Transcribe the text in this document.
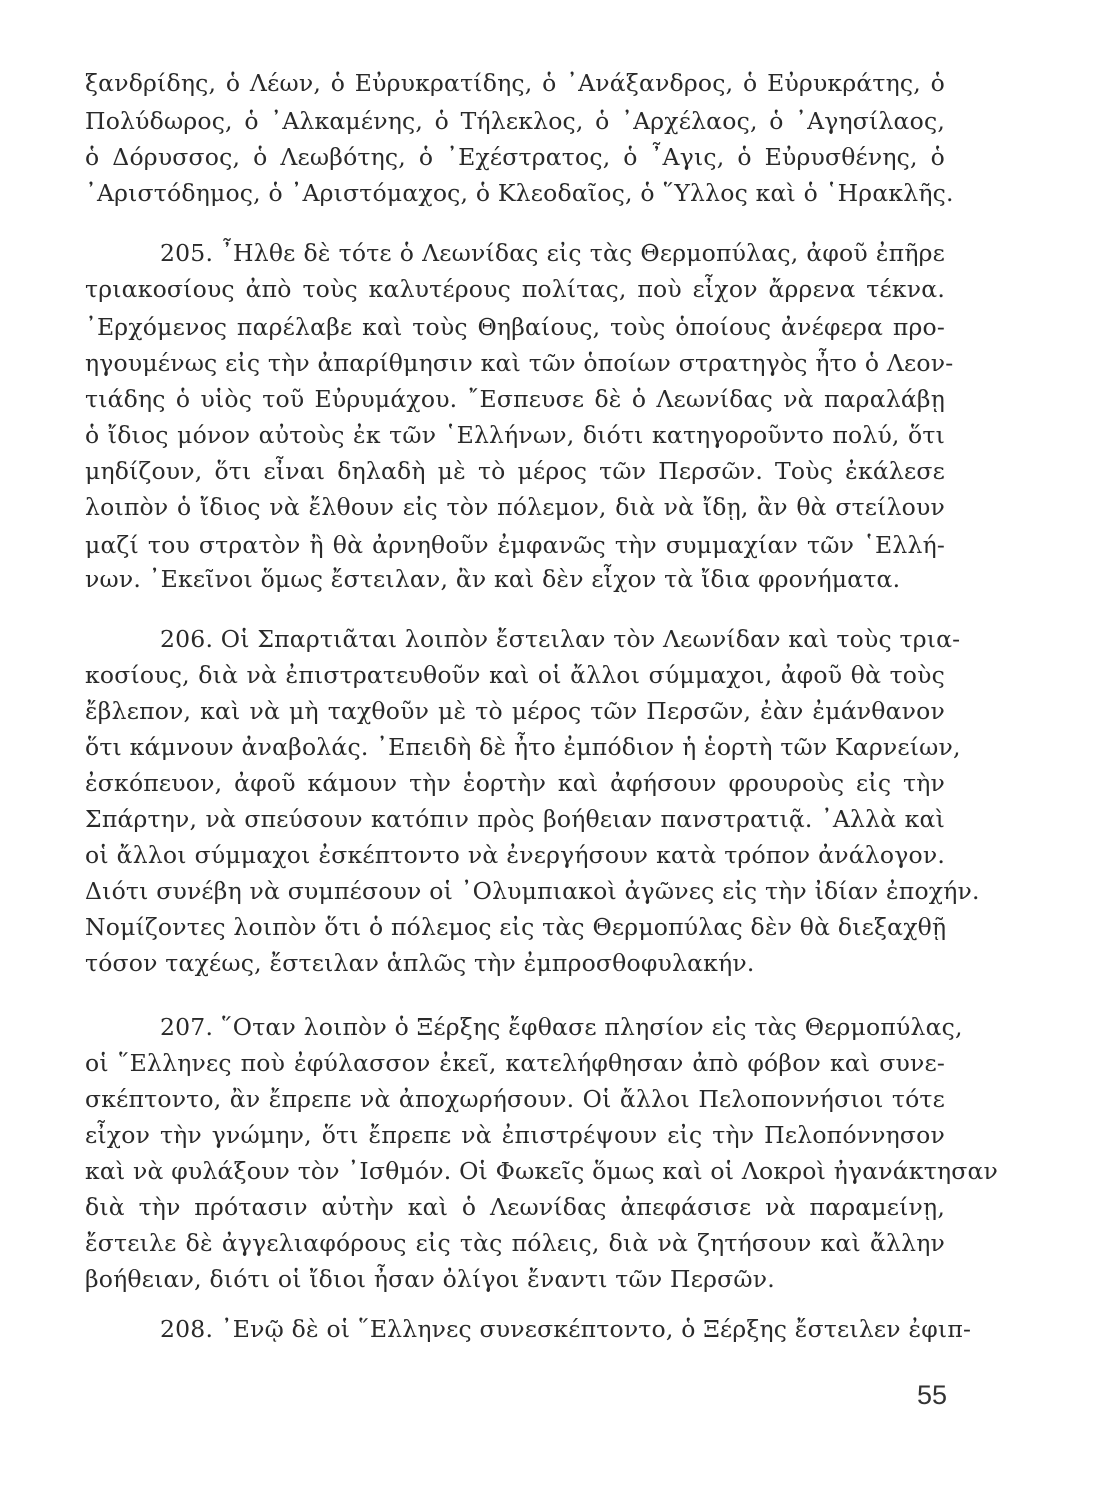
ξανδρίδης, ὁ Λέων, ὁ Εὐρυκρατίδης, ὁ ᾿Ανάξανδρος, ὁ Εὐρυκράτης, ὁ
Πολύδωρος, ὁ ᾿Αλκαμένης, ὁ Τήλεκλος, ὁ ᾿Αρχέλαος, ὁ ᾿Αγησίλαος,
ὁ Δόρυσσος, ὁ Λεωβότης, ὁ ᾿Εχέστρατος, ὁ ῏Αγις, ὁ Εὐρυσθένης, ὁ
᾿Αριστόδημος, ὁ ᾿Αριστόμαχος, ὁ Κλεοδαῖος, ὁ ῞Υλλος καὶ ὁ ῾Ηρακλῆς.
205. ῏Ηλθε δὲ τότε ὁ Λεωνίδας εἰς τὰς Θερμοπύλας, ἀφοῦ ἐπῆρε
τριακοσίους ἀπὸ τοὺς καλυτέρους πολίτας, ποὺ εἶχον ἄρρενα τέκνα.
᾿Ερχόμενος παρέλαβε καὶ τοὺς Θηβαίους, τοὺς ὁποίους ἀνέφερα προ-
ηγουμένως εἰς τὴν ἀπαρίθμησιν καὶ τῶν ὁποίων στρατηγὸς ἦτο ὁ Λεον-
τιάδης ὁ υἱὸς τοῦ Εὐρυμάχου. ῎Εσπευσε δὲ ὁ Λεωνίδας νὰ παραλάβῃ
ὁ ἴδιος μόνον αὐτοὺς ἐκ τῶν ῾Ελλήνων, διότι κατηγοροῦντο πολύ, ὅτι
μηδίζουν, ὅτι εἶναι δηλαδὴ μὲ τὸ μέρος τῶν Περσῶν. Τοὺς ἐκάλεσε
λοιπὸν ὁ ἴδιος νὰ ἔλθουν εἰς τὸν πόλεμον, διὰ νὰ ἴδῃ, ἂν θὰ στείλουν
μαζί του στρατὸν ἢ θὰ ἀρνηθοῦν ἐμφανῶς τὴν συμμαχίαν τῶν ῾Ελλή-
νων. ᾿Εκεῖνοι ὅμως ἔστειλαν, ἂν καὶ δὲν εἶχον τὰ ἴδια φρονήματα.
206. Οἱ Σπαρτιᾶται λοιπὸν ἔστειλαν τὸν Λεωνίδαν καὶ τοὺς τρια-
κοσίους, διὰ νὰ ἐπιστρατευθοῦν καὶ οἱ ἄλλοι σύμμαχοι, ἀφοῦ θὰ τοὺς
ἔβλεπον, καὶ νὰ μὴ ταχθοῦν μὲ τὸ μέρος τῶν Περσῶν, ἐὰν ἐμάνθανον
ὅτι κάμνουν ἀναβολάς. ᾿Επειδὴ δὲ ἦτο ἐμπόδιον ἡ ἑορτὴ τῶν Καρνείων,
ἐσκόπευον, ἀφοῦ κάμουν τὴν ἑορτὴν καὶ ἀφήσουν φρουροὺς εἰς τὴν
Σπάρτην, νὰ σπεύσουν κατόπιν πρὸς βοήθειαν πανστρατιᾷ. ᾿Αλλὰ καὶ
οἱ ἄλλοι σύμμαχοι ἐσκέπτοντο νὰ ἐνεργήσουν κατὰ τρόπον ἀνάλογον.
Διότι συνέβη νὰ συμπέσουν οἱ ᾿Ολυμπιακοὶ ἀγῶνες εἰς τὴν ἰδίαν ἐποχήν.
Νομίζοντες λοιπὸν ὅτι ὁ πόλεμος εἰς τὰς Θερμοπύλας δὲν θὰ διεξαχθῇ
τόσον ταχέως, ἔστειλαν ἁπλῶς τὴν ἐμπροσθοφυλακήν.
207. ῞Οταν λοιπὸν ὁ Ξέρξης ἔφθασε πλησίον εἰς τὰς Θερμοπύλας,
οἱ ῞Ελληνες ποὺ ἐφύλασσον ἐκεῖ, κατελήφθησαν ἀπὸ φόβον καὶ συνε-
σκέπτοντο, ἂν ἔπρεπε νὰ ἀποχωρήσουν. Οἱ ἄλλοι Πελοποννήσιοι τότε
εἶχον τὴν γνώμην, ὅτι ἔπρεπε νὰ ἐπιστρέψουν εἰς τὴν Πελοπόννησον
καὶ νὰ φυλάξουν τὸν ᾿Ισθμόν. Οἱ Φωκεῖς ὅμως καὶ οἱ Λοκροὶ ἠγανάκτησαν
διὰ τὴν πρότασιν αὐτὴν καὶ ὁ Λεωνίδας ἀπεφάσισε νὰ παραμείνῃ,
ἔστειλε δὲ ἀγγελιαφόρους εἰς τὰς πόλεις, διὰ νὰ ζητήσουν καὶ ἄλλην
βοήθειαν, διότι οἱ ἴδιοι ἦσαν ὀλίγοι ἔναντι τῶν Περσῶν.
208. ᾿Ενῷ δὲ οἱ ῞Ελληνες συνεσκέπτοντο, ὁ Ξέρξης ἔστειλεν ἐφιπ-
55
